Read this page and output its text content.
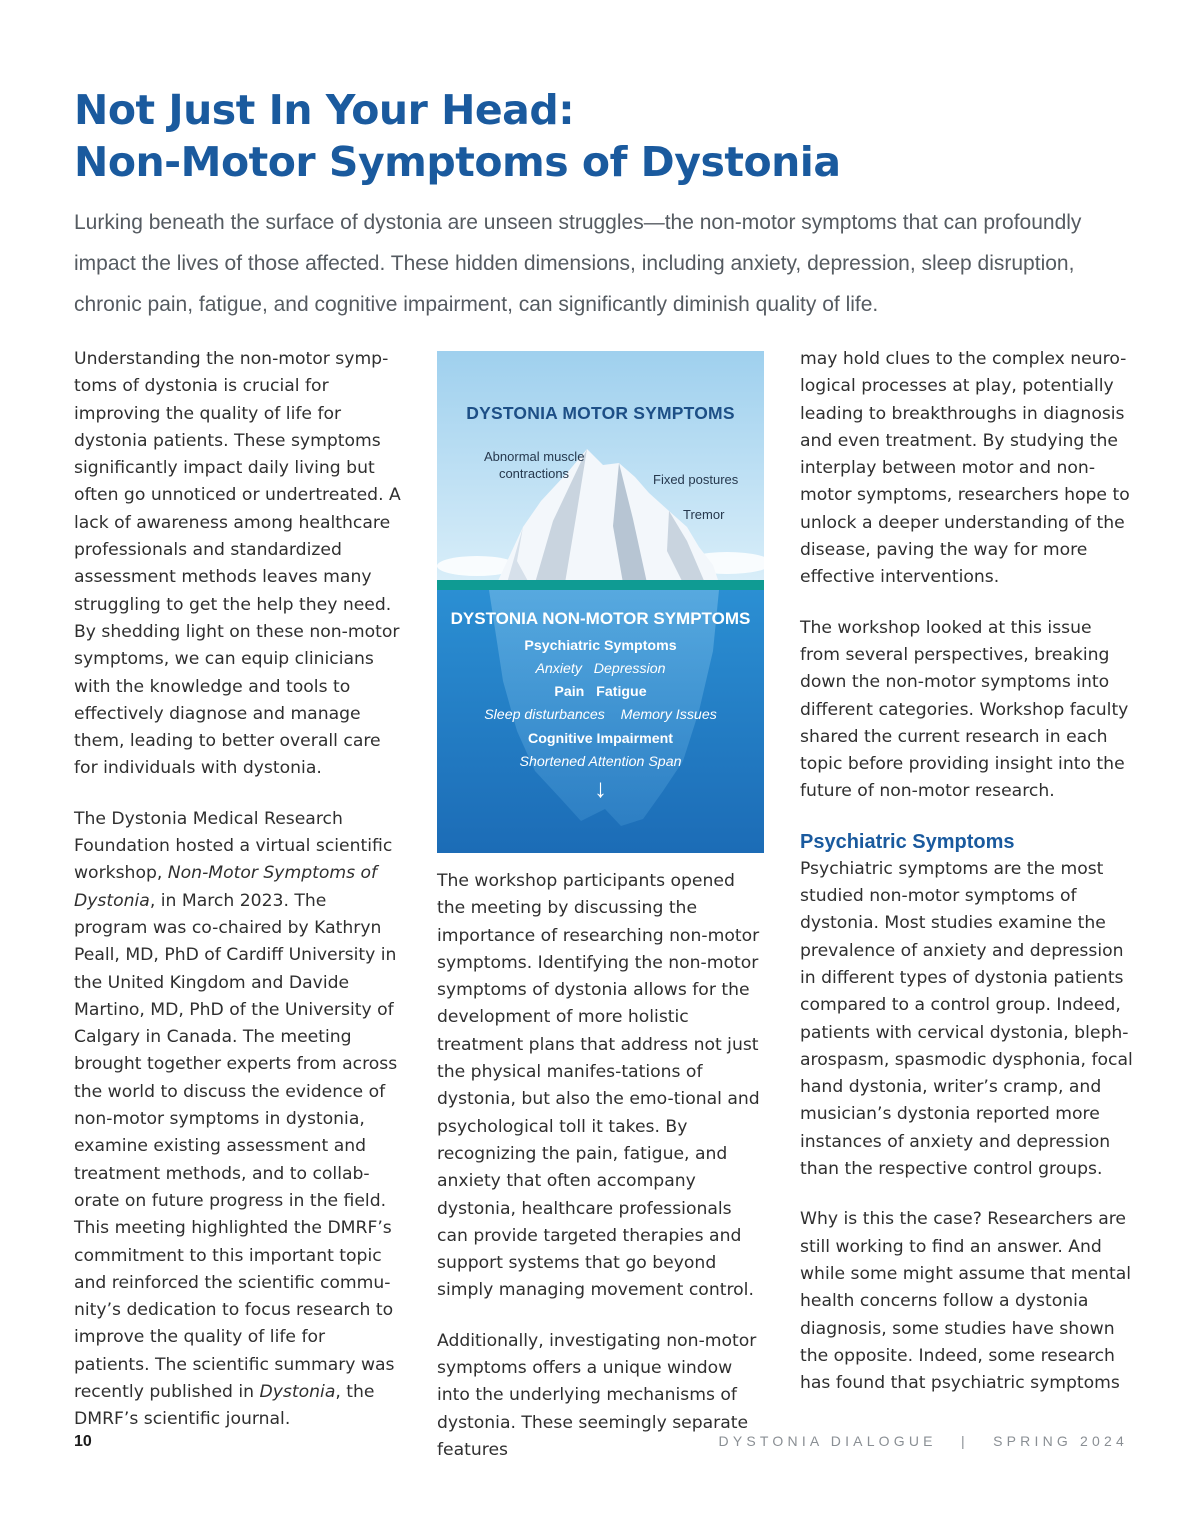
Not Just In Your Head:
Non-Motor Symptoms of Dystonia

Lurking beneath the surface of dystonia are unseen struggles—the non-motor symptoms that can profoundly impact the lives of those affected. These hidden dimensions, including anxiety, depression, sleep disruption, chronic pain, fatigue, and cognitive impairment, can significantly diminish quality of life.

Understanding the non-motor symp-toms of dystonia is crucial for improving the quality of life for dystonia patients. These symptoms significantly impact daily living but often go unnoticed or undertreated. A lack of awareness among healthcare professionals and standardized assessment methods leaves many struggling to get the help they need. By shedding light on these non-motor symptoms, we can equip clinicians with the knowledge and tools to effectively diagnose and manage them, leading to better overall care for individuals with dystonia.

The Dystonia Medical Research Foundation hosted a virtual scientific workshop, Non-Motor Symptoms of Dystonia, in March 2023. The program was co-chaired by Kathryn Peall, MD, PhD of Cardiff University in the United Kingdom and Davide Martino, MD, PhD of the University of Calgary in Canada. The meeting brought together experts from across the world to discuss the evidence of non-motor symptoms in dystonia, examine existing assessment and treatment methods, and to collab-orate on future progress in the field. This meeting highlighted the DMRF’s commitment to this important topic and reinforced the scientific commu-nity’s dedication to focus research to improve the quality of life for patients. The scientific summary was recently published in Dystonia, the DMRF’s scientific journal.

DYSTONIA MOTOR SYMPTOMS
Abnormal muscle
contractions	Fixed postures
Tremor
DYSTONIA NON-MOTOR SYMPTOMS
Psychiatric Symptoms
Anxiety   Depression
Pain   Fatigue
Sleep disturbances    Memory Issues
Cognitive Impairment
Shortened Attention Span
↓

The workshop participants opened the meeting by discussing the importance of researching non-motor symptoms. Identifying the non-motor symptoms of dystonia allows for the development of more holistic treatment plans that address not just the physical manifes-tations of dystonia, but also the emo-tional and psychological toll it takes. By recognizing the pain, fatigue, and anxiety that often accompany dystonia, healthcare professionals can provide targeted therapies and support systems that go beyond simply managing movement control.

Additionally, investigating non-motor symptoms offers a unique window into the underlying mechanisms of dystonia. These seemingly separate features

may hold clues to the complex neuro-logical processes at play, potentially leading to breakthroughs in diagnosis and even treatment. By studying the interplay between motor and non-motor symptoms, researchers hope to unlock a deeper understanding of the disease, paving the way for more effective interventions.

The workshop looked at this issue from several perspectives, breaking down the non-motor symptoms into different categories. Workshop faculty shared the current research in each topic before providing insight into the future of non-motor research.

Psychiatric Symptoms

Psychiatric symptoms are the most studied non-motor symptoms of dystonia. Most studies examine the prevalence of anxiety and depression in different types of dystonia patients compared to a control group. Indeed, patients with cervical dystonia, bleph-arospasm, spasmodic dysphonia, focal hand dystonia, writer’s cramp, and musician’s dystonia reported more instances of anxiety and depression than the respective control groups.

Why is this the case? Researchers are still working to find an answer. And while some might assume that mental health concerns follow a dystonia diagnosis, some studies have shown the opposite. Indeed, some research has found that psychiatric symptoms

10	DYSTONIA DIALOGUE   |   SPRING 2024
